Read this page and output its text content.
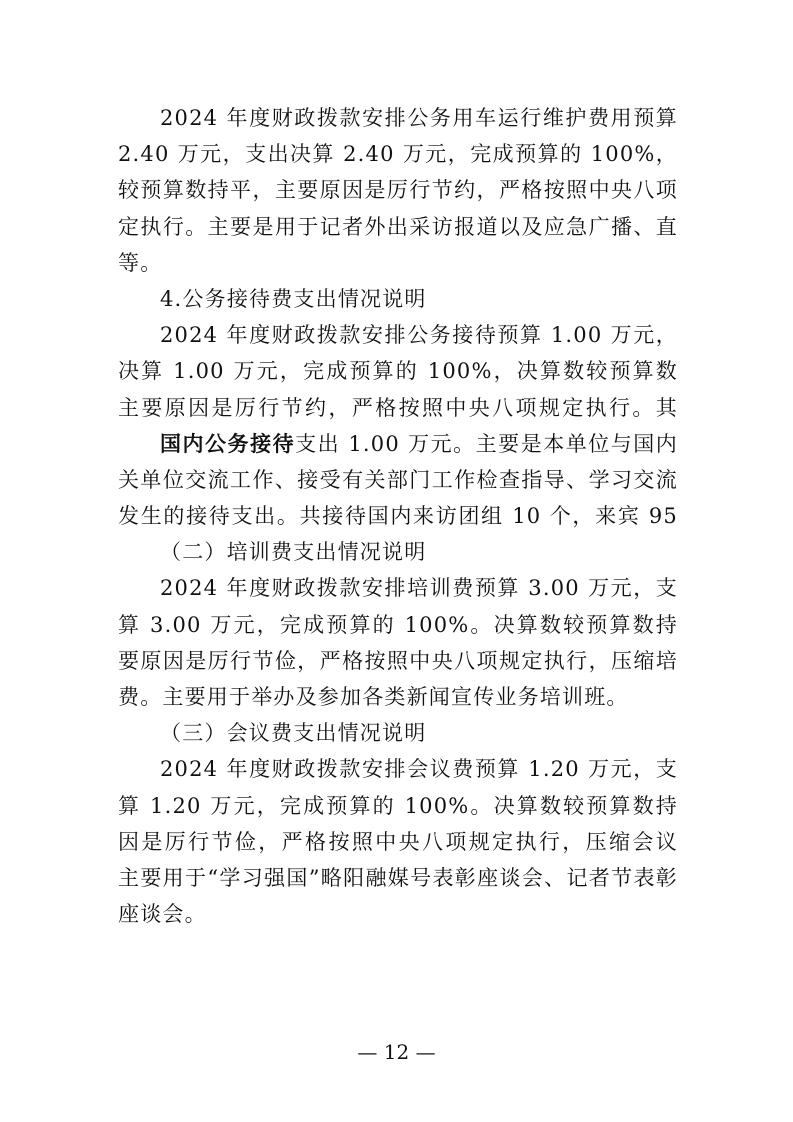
2024 年度财政拨款安排公务用车运行维护费用预算
2.40 万元，支出决算 2.40 万元，完成预算的 100%，
较预算数持平，主要原因是厉行节约，严格按照中央八项
定执行。主要是用于记者外出采访报道以及应急广播、直
等。
4.公务接待费支出情况说明
2024 年度财政拨款安排公务接待预算 1.00 万元，
决算 1.00 万元，完成预算的 100%，决算数较预算数
主要原因是厉行节约，严格按照中央八项规定执行。其
国内公务接待支出 1.00 万元。主要是本单位与国内
关单位交流工作、接受有关部门工作检查指导、学习交流
发生的接待支出。共接待国内来访团组 10 个，来宾 95
（二）培训费支出情况说明
2024 年度财政拨款安排培训费预算 3.00 万元，支
算 3.00 万元，完成预算的 100%。决算数较预算数持
要原因是厉行节俭，严格按照中央八项规定执行，压缩培
费。主要用于举办及参加各类新闻宣传业务培训班。
（三）会议费支出情况说明
2024 年度财政拨款安排会议费预算 1.20 万元，支
算 1.20 万元，完成预算的 100%。决算数较预算数持
因是厉行节俭，严格按照中央八项规定执行，压缩会议
主要用于“学习强国”略阳融媒号表彰座谈会、记者节表彰
座谈会。
— 12 —
